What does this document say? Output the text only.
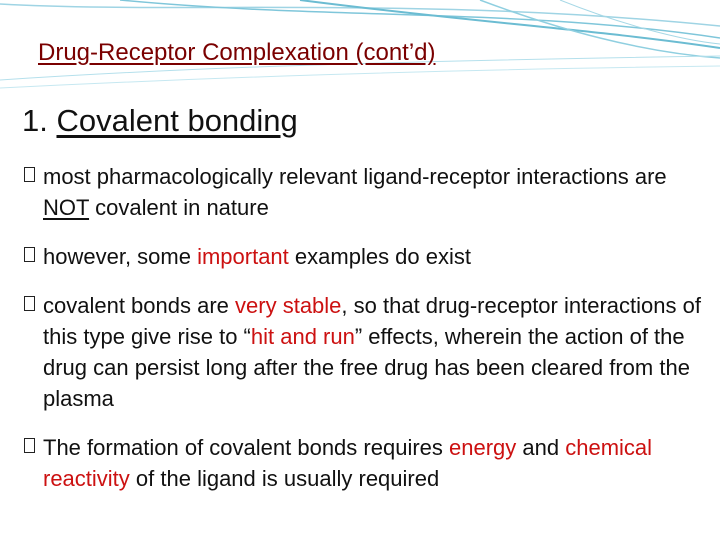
Drug-Receptor Complexation (cont’d)
1. Covalent bonding
most pharmacologically relevant ligand-receptor interactions are NOT covalent in nature
however, some important examples do exist
covalent bonds are very stable, so that drug-receptor interactions of this type give rise to “hit and run” effects, wherein the action of the drug can persist long after the free drug has been cleared from the plasma
The formation of covalent bonds requires energy and chemical reactivity of the ligand is usually required
